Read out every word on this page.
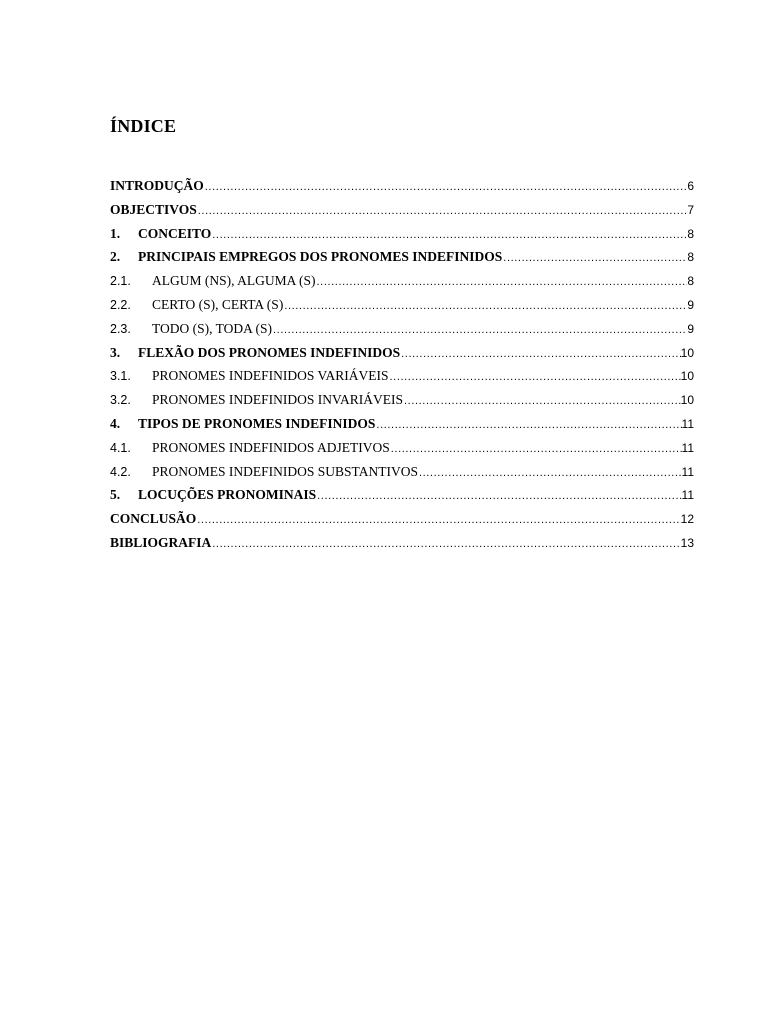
ÍNDICE
INTRODUÇÃO .....	6
OBJECTIVOS .....	7
1.	CONCEITO .....	8
2.	PRINCIPAIS EMPREGOS DOS PRONOMES INDEFINIDOS .....	8
2.1.	ALGUM (NS), ALGUMA (S) .....	8
2.2.	CERTO (S), CERTA (S) .....	9
2.3.	TODO (S), TODA (S) .....	9
3.	FLEXÃO DOS PRONOMES INDEFINIDOS .....	10
3.1.	PRONOMES INDEFINIDOS VARIÁVEIS .....	10
3.2.	PRONOMES INDEFINIDOS INVARIÁVEIS .....	10
4.	TIPOS DE PRONOMES INDEFINIDOS .....	11
4.1.	PRONOMES INDEFINIDOS ADJETIVOS .....	11
4.2.	PRONOMES INDEFINIDOS SUBSTANTIVOS .....	11
5.	LOCUÇÕES PRONOMINAIS .....	11
CONCLUSÃO .....	12
BIBLIOGRAFIA .....	13
